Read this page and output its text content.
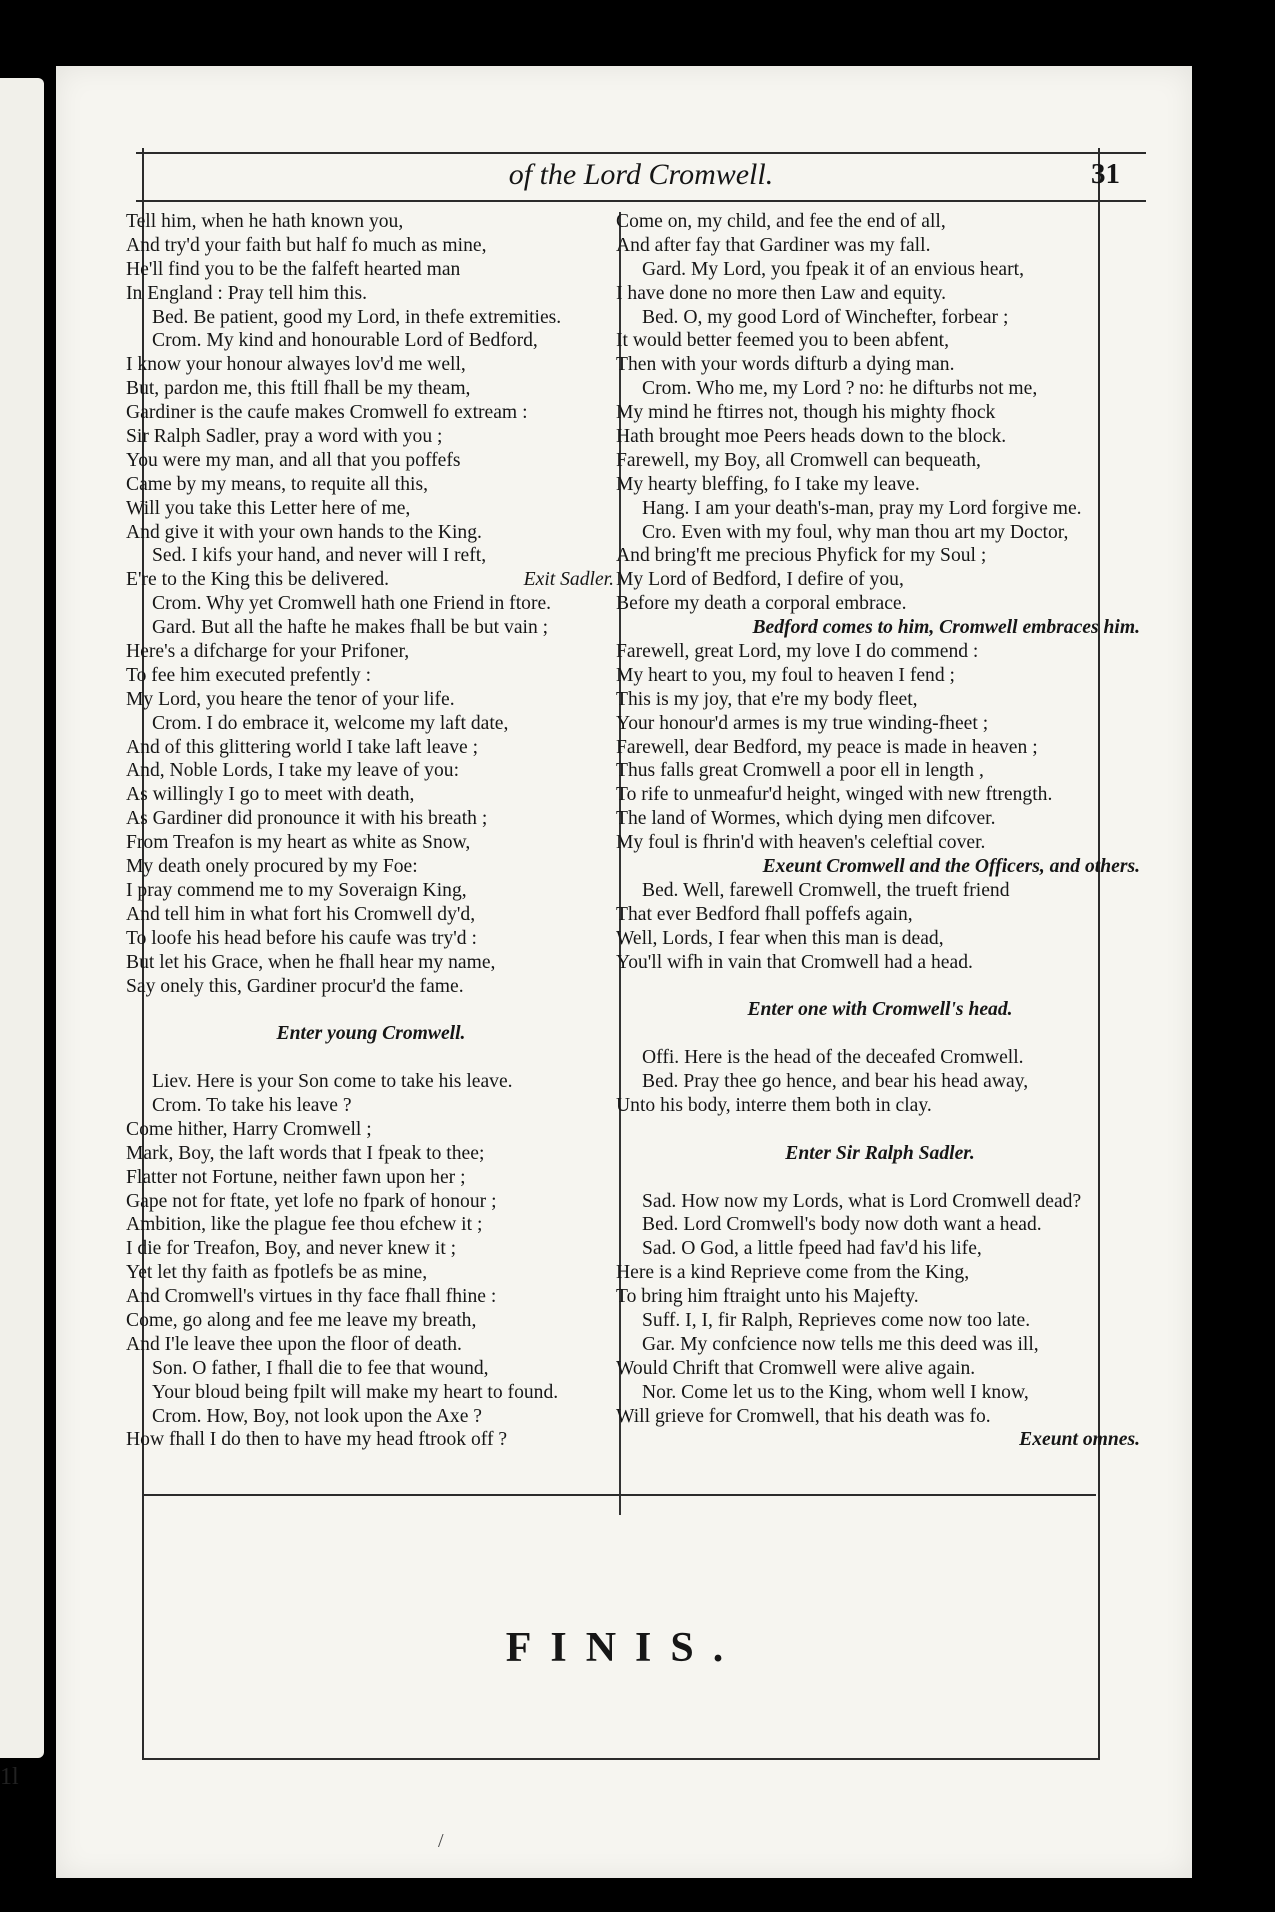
1l
of the Lord Cromwell.	31
Tell him, when he hath known you,
And try'd your faith but half fo much as mine,
He'll find you to be the falfeft hearted man
In England : Pray tell him this.
Bed. Be patient, good my Lord, in thefe extremities.
Crom. My kind and honourable Lord of Bedford,
I know your honour alwayes lov'd me well,
But, pardon me, this ftill fhall be my theam,
Gardiner is the caufe makes Cromwell fo extream :
Sir Ralph Sadler, pray a word with you ;
You were my man, and all that you poffefs
Came by my means, to requite all this,
Will you take this Letter here of me,
And give it with your own hands to the King.
Sed. I kifs your hand, and never will I reft,
Exit Sadler.
E're to the King this be delivered.
Crom. Why yet Cromwell hath one Friend in ftore.
Gard. But all the hafte he makes fhall be but vain ;
Here's a difcharge for your Prifoner,
To fee him executed prefently :
My Lord, you heare the tenor of your life.
Crom. I do embrace it, welcome my laft date,
And of this glittering world I take laft leave ;
And, Noble Lords, I take my leave of you:
As willingly I go to meet with death,
As Gardiner did pronounce it with his breath ;
From Treafon is my heart as white as Snow,
My death onely procured by my Foe:
I pray commend me to my Soveraign King,
And tell him in what fort his Cromwell dy'd,
To loofe his head before his caufe was try'd :
But let his Grace, when he fhall hear my name,
Say onely this, Gardiner procur'd the fame.
Enter young Cromwell.
Liev. Here is your Son come to take his leave.
Crom. To take his leave ?
Come hither, Harry Cromwell ;
Mark, Boy, the laft words that I fpeak to thee;
Flatter not Fortune, neither fawn upon her ;
Gape not for ftate, yet lofe no fpark of honour ;
Ambition, like the plague fee thou efchew it ;
I die for Treafon, Boy, and never knew it ;
Yet let thy faith as fpotlefs be as mine,
And Cromwell's virtues in thy face fhall fhine :
Come, go along and fee me leave my breath,
And I'le leave thee upon the floor of death.
Son. O father, I fhall die to fee that wound,
Your bloud being fpilt will make my heart to found.
Crom. How, Boy, not look upon the Axe ?
How fhall I do then to have my head ftrook off ?
Come on, my child, and fee the end of all,
And after fay that Gardiner was my fall.
Gard. My Lord, you fpeak it of an envious heart,
I have done no more then Law and equity.
Bed. O, my good Lord of Winchefter, forbear ;
It would better feemed you to been abfent,
Then with your words difturb a dying man.
Crom. Who me, my Lord ? no: he difturbs not me,
My mind he ftirres not, though his mighty fhock
Hath brought moe Peers heads down to the block.
Farewell, my Boy, all Cromwell can bequeath,
My hearty bleffing, fo I take my leave.
Hang. I am your death's-man, pray my Lord forgive me.
Cro. Even with my foul, why man thou art my Doctor,
And bring'ft me precious Phyfick for my Soul ;
My Lord of Bedford, I defire of you,
Before my death a corporal embrace.
Bedford comes to him, Cromwell embraces him.
Farewell, great Lord, my love I do commend :
My heart to you, my foul to heaven I fend ;
This is my joy, that e're my body fleet,
Your honour'd armes is my true winding-fheet ;
Farewell, dear Bedford, my peace is made in heaven ;
Thus falls great Cromwell a poor ell in length ,
To rife to unmeafur'd height, winged with new ftrength.
The land of Wormes, which dying men difcover.
My foul is fhrin'd with heaven's celeftial cover.
Exeunt Cromwell and the Officers, and others.
Bed. Well, farewell Cromwell, the trueft friend
That ever Bedford fhall poffefs again,
Well, Lords, I fear when this man is dead,
You'll wifh in vain that Cromwell had a head.
Enter one with Cromwell's head.
Offi. Here is the head of the deceafed Cromwell.
Bed. Pray thee go hence, and bear his head away,
Unto his body, interre them both in clay.
Enter Sir Ralph Sadler.
Sad. How now my Lords, what is Lord Cromwell dead?
Bed. Lord Cromwell's body now doth want a head.
Sad. O God, a little fpeed had fav'd his life,
Here is a kind Reprieve come from the King,
To bring him ftraight unto his Majefty.
Suff. I, I, fir Ralph, Reprieves come now too late.
Gar. My confcience now tells me this deed was ill,
Would Chrift that Cromwell were alive again.
Nor. Come let us to the King, whom well I know,
Will grieve for Cromwell, that his death was fo.
Exeunt omnes.
FINIS.
/
